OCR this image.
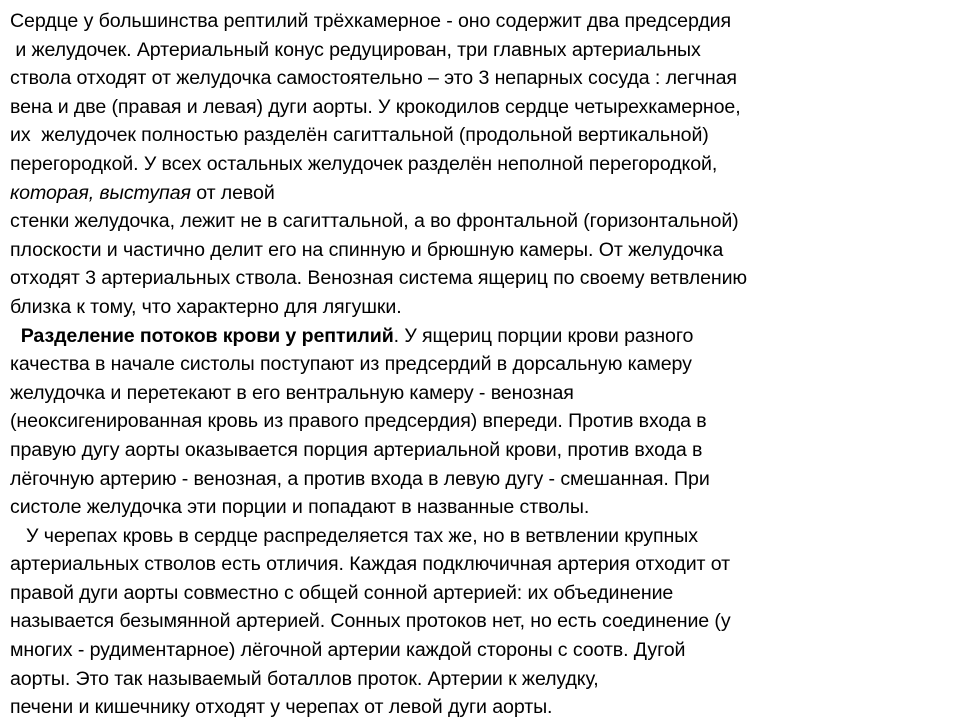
Сердце у большинства рептилий трёхкамерное - оно содержит два предсердия
и желудочек. Артериальный конус редуцирован, три главных артериальных
ствола отходят от желудочка самостоятельно – это 3 непарных сосуда : легчная
вена и две (правая и левая) дуги аорты. У крокодилов сердце четырехкамерное,
их  желудочек полностью разделён сагиттальной (продольной вертикальной)
перегородкой. У всех остальных желудочек разделён неполной перегородкой,
которая, выступая от левой
стенки желудочка, лежит не в сагиттальной, а во фронтальной (горизонтальной)
плоскости и частично делит его на спинную и брюшную камеры. От желудочка
отходят 3 артериальных ствола. Венозная система ящериц по своему ветвлению
близка к тому, что характерно для лягушки.
Разделение потоков крови у рептилий. У ящериц порции крови разного
качества в начале систолы поступают из предсердий в дорсальную камеру
желудочка и перетекают в его вентральную камеру - венозная
(неоксигенированная кровь из правого предсердия) впереди. Против входа в
правую дугу аорты оказывается порция артериальной крови, против входа в
лёгочную артерию - венозная, а против входа в левую дугу - смешанная. При
систоле желудочка эти порции и попадают в названные стволы.
У черепах кровь в сердце распределяется тах же, но в ветвлении крупных
артериальных стволов есть отличия. Каждая подключичная артерия отходит от
правой дуги аорты совместно с общей сонной артерией: их объединение
называется безымянной артерией. Сонных протоков нет, но есть соединение (у
многих - рудиментарное) лёгочной артерии каждой стороны с соотв. Дугой
аорты. Это так называемый боталлов проток. Артерии к желудку,
печени и кишечнику отходят у черепах от левой дуги аорты.
